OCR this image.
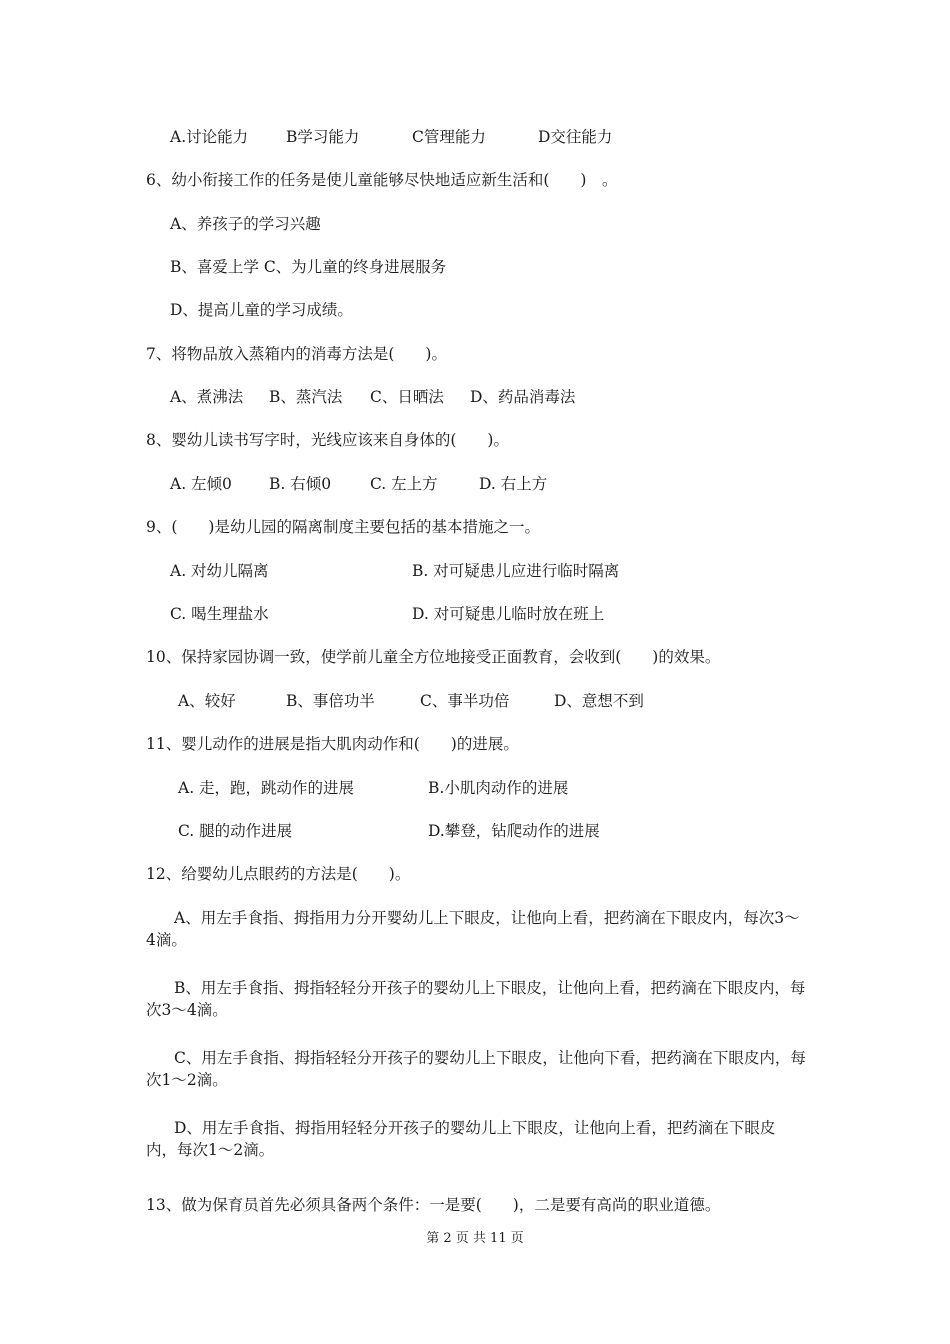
A.讨论能力 B学习能力	C管理能力	D交往能力
6、幼小衔接工作的任务是使儿童能够尽快地适应新生活和(　　)　。
A、养孩子的学习兴趣
B、喜爱上学 C、为儿童的终身进展服务
D、提高儿童的学习成绩。
7、将物品放入蒸箱内的消毒方法是(　　)。
A、煮沸法 B、蒸汽法 C、日晒法 D、药品消毒法
8、婴幼儿读书写字时，光线应该来自身体的(　　)。
A. 左倾0 B. 右倾0	C. 左上方	D. 右上方
9、(　　)是幼儿园的隔离制度主要包括的基本措施之一。
A. 对幼儿隔离	B. 对可疑患儿应进行临时隔离
C. 喝生理盐水	D. 对可疑患儿临时放在班上
10、保持家园协调一致，使学前儿童全方位地接受正面教育，会收到(　　)的效果。
A、较好	B、事倍功半	C、事半功倍	D、意想不到
11、婴儿动作的进展是指大肌肉动作和(　　)的进展。
A. 走，跑，跳动作的进展	B.小肌肉动作的进展
C. 腿的动作进展	D.攀登，钻爬动作的进展
12、给婴幼儿点眼药的方法是(　　)。
A、用左手食指、拇指用力分开婴幼儿上下眼皮，让他向上看，把药滴在下眼皮内，每次3～4滴。
B、用左手食指、拇指轻轻分开孩子的婴幼儿上下眼皮，让他向上看，把药滴在下眼皮内，每次3～4滴。
C、用左手食指、拇指轻轻分开孩子的婴幼儿上下眼皮，让他向下看，把药滴在下眼皮内，每次1～2滴。
D、用左手食指、拇指用轻轻分开孩子的婴幼儿上下眼皮，让他向上看，把药滴在下眼皮内，每次1～2滴。
13、做为保育员首先必须具备两个条件：一是要(　　)，二是要有高尚的职业道德。
第 2 页 共 11 页
